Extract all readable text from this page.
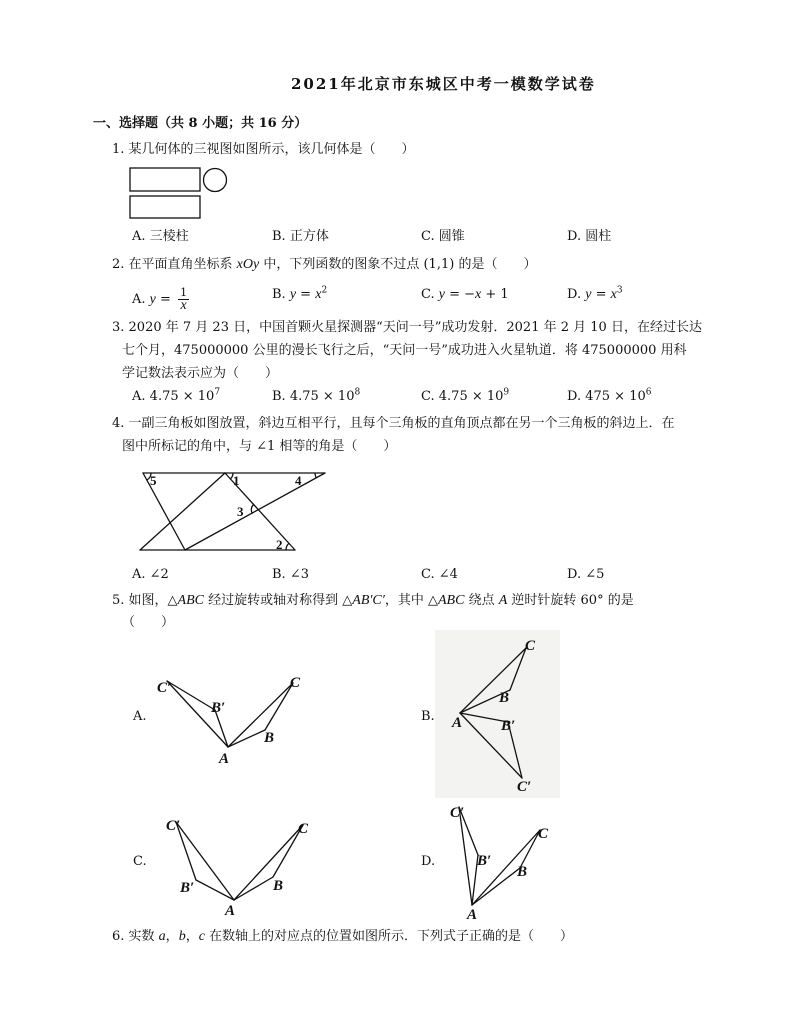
2021年北京市东城区中考一模数学试卷
一、选择题（共 8 小题；共 16 分）
1. 某几何体的三视图如图所示，该几何体是（　　）
A. 三棱柱	B. 正方体	C. 圆锥	D. 圆柱
2. 在平面直角坐标系 xOy 中，下列函数的图象不过点 (1,1) 的是（　　）
A. $y = \frac{1}{x}$	B. $y = x^2$	C. y = −x + 1	D. $y = x^3$
3. 2020 年 7 月 23 日，中国首颗火星探测器“天问一号”成功发射．2021 年 2 月 10 日，在经过长达
七个月，475000000 公里的漫长飞行之后，“天问一号”成功进入火星轨道．将 475000000 用科
学记数法表示应为（　　）
A. $4.75 \times 10^7$	B. $4.75 \times 10^8$	C. $4.75 \times 10^9$	D. $475 \times 10^6$
4. 一副三角板如图放置，斜边互相平行，且每个三角板的直角顶点都在另一个三角板的斜边上．在
图中所标记的角中，与 ∠1 相等的角是（　　）
5	1	4
3
2
A. ∠2	B. ∠3	C. ∠4	D. ∠5
5. 如图，△ABC 经过旋转或轴对称得到 △AB′C′，其中 △ABC 绕点 A 逆时针旋转 60° 的是
（　　）
A.
C′
B′
A
B
C
B.
C
B
A	B′
C′
C.
C′
B′
A
B
C
D.
C′
B′
A
B
C
6. 实数 a，b，c 在数轴上的对应点的位置如图所示．下列式子正确的是（　　）
